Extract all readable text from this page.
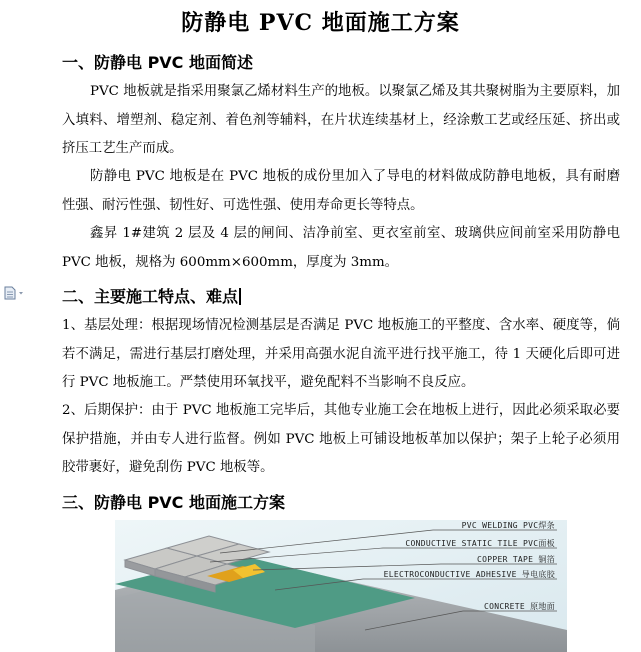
防静电 PVC 地面施工方案
一、防静电 PVC 地面简述
PVC 地板就是指采用聚氯乙烯材料生产的地板。以聚氯乙烯及其共聚树脂为主要原料，加入填料、增塑剂、稳定剂、着色剂等辅料，在片状连续基材上，经涂敷工艺或经压延、挤出或挤压工艺生产而成。
防静电 PVC 地板是在 PVC 地板的成份里加入了导电的材料做成防静电地板，具有耐磨性强、耐污性强、韧性好、可选性强、使用寿命更长等特点。
鑫昇 1#建筑 2 层及 4 层的闸间、洁净前室、更衣室前室、玻璃供应间前室采用防静电 PVC 地板，规格为 600mm×600mm，厚度为 3mm。
二、主要施工特点、难点
1、基层处理：根据现场情况检测基层是否满足 PVC 地板施工的平整度、含水率、硬度等，倘若不满足，需进行基层打磨处理，并采用高强水泥自流平进行找平施工，待 1 天硬化后即可进行 PVC 地板施工。严禁使用环氧找平，避免配料不当影响不良反应。
2、后期保护：由于 PVC 地板施工完毕后，其他专业施工会在地板上进行，因此必须采取必要保护措施，并由专人进行监督。例如 PVC 地板上可铺设地板革加以保护；架子上轮子必须用胶带裹好，避免刮伤 PVC 地板等。
三、防静电 PVC 地面施工方案
PVC WELDING PVC焊条
CONDUCTIVE STATIC TILE PVC面板
COPPER TAPE 铜箔
ELECTROCONDUCTIVE ADHESIVE 导电底胶
CONCRETE 原地面
